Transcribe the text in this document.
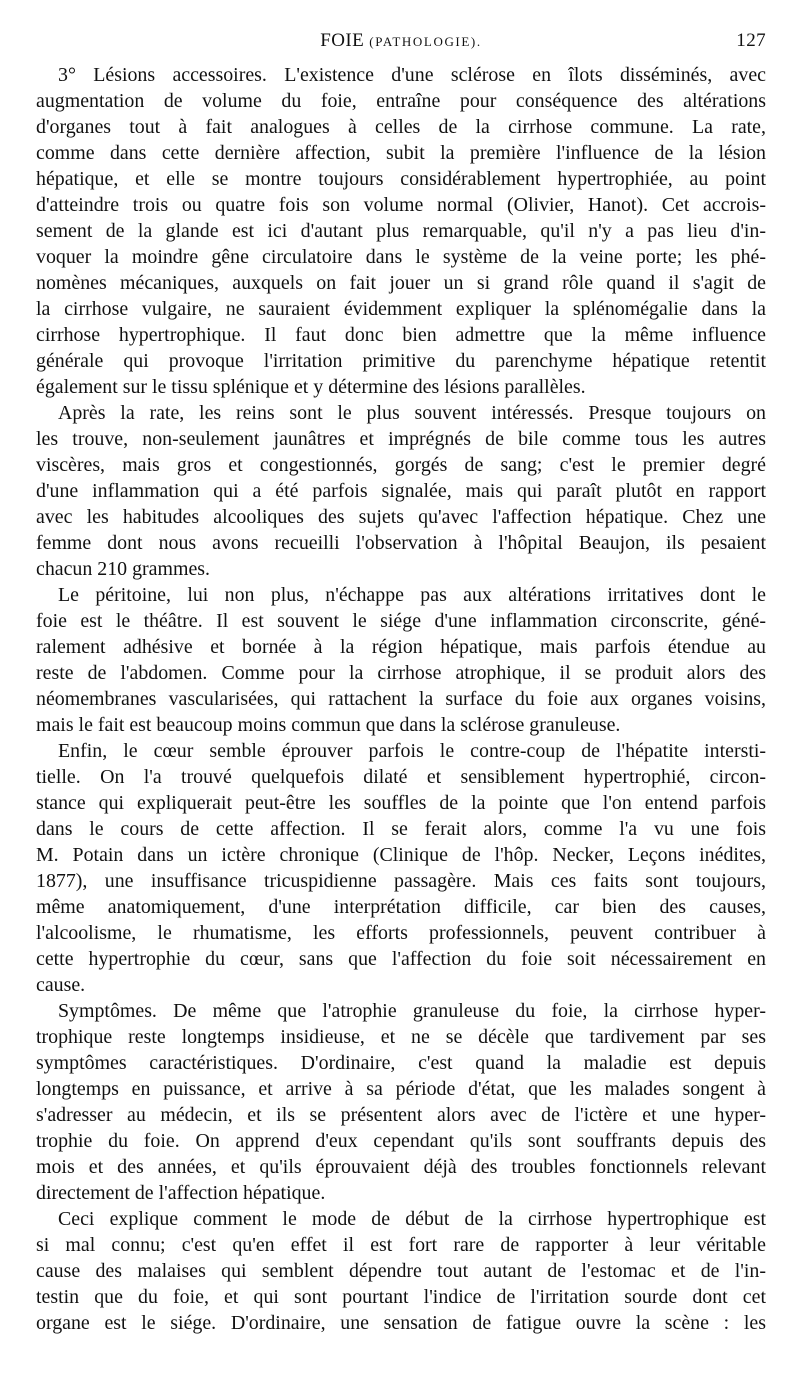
FOIE (PATHOLOGIE).	127

3° Lésions accessoires. L'existence d'une sclérose en îlots disséminés, avec
augmentation de volume du foie, entraîne pour conséquence des altérations
d'organes tout à fait analogues à celles de la cirrhose commune. La rate,
comme dans cette dernière affection, subit la première l'influence de la lésion
hépatique, et elle se montre toujours considérablement hypertrophiée, au point
d'atteindre trois ou quatre fois son volume normal (Olivier, Hanot). Cet accrois-
sement de la glande est ici d'autant plus remarquable, qu'il n'y a pas lieu d'in-
voquer la moindre gêne circulatoire dans le système de la veine porte; les phé-
nomènes mécaniques, auxquels on fait jouer un si grand rôle quand il s'agit de
la cirrhose vulgaire, ne sauraient évidemment expliquer la splénomégalie dans la
cirrhose hypertrophique. Il faut donc bien admettre que la même influence
générale qui provoque l'irritation primitive du parenchyme hépatique retentit
également sur le tissu splénique et y détermine des lésions parallèles.

Après la rate, les reins sont le plus souvent intéressés. Presque toujours on
les trouve, non-seulement jaunâtres et imprégnés de bile comme tous les autres
viscères, mais gros et congestionnés, gorgés de sang; c'est le premier degré
d'une inflammation qui a été parfois signalée, mais qui paraît plutôt en rapport
avec les habitudes alcooliques des sujets qu'avec l'affection hépatique. Chez une
femme dont nous avons recueilli l'observation à l'hôpital Beaujon, ils pesaient
chacun 210 grammes.

Le péritoine, lui non plus, n'échappe pas aux altérations irritatives dont le
foie est le théâtre. Il est souvent le siége d'une inflammation circonscrite, géné-
ralement adhésive et bornée à la région hépatique, mais parfois étendue au
reste de l'abdomen. Comme pour la cirrhose atrophique, il se produit alors des
néomembranes vascularisées, qui rattachent la surface du foie aux organes voisins,
mais le fait est beaucoup moins commun que dans la sclérose granuleuse.

Enfin, le cœur semble éprouver parfois le contre-coup de l'hépatite intersti-
tielle. On l'a trouvé quelquefois dilaté et sensiblement hypertrophié, circon-
stance qui expliquerait peut-être les souffles de la pointe que l'on entend parfois
dans le cours de cette affection. Il se ferait alors, comme l'a vu une fois
M. Potain dans un ictère chronique (Clinique de l'hôp. Necker, Leçons inédites,
1877), une insuffisance tricuspidienne passagère. Mais ces faits sont toujours,
même anatomiquement, d'une interprétation difficile, car bien des causes,
l'alcoolisme, le rhumatisme, les efforts professionnels, peuvent contribuer à
cette hypertrophie du cœur, sans que l'affection du foie soit nécessairement en
cause.

Symptômes. De même que l'atrophie granuleuse du foie, la cirrhose hyper-
trophique reste longtemps insidieuse, et ne se décèle que tardivement par ses
symptômes caractéristiques. D'ordinaire, c'est quand la maladie est depuis
longtemps en puissance, et arrive à sa période d'état, que les malades songent à
s'adresser au médecin, et ils se présentent alors avec de l'ictère et une hyper-
trophie du foie. On apprend d'eux cependant qu'ils sont souffrants depuis des
mois et des années, et qu'ils éprouvaient déjà des troubles fonctionnels relevant
directement de l'affection hépatique.

Ceci explique comment le mode de début de la cirrhose hypertrophique est
si mal connu; c'est qu'en effet il est fort rare de rapporter à leur véritable
cause des malaises qui semblent dépendre tout autant de l'estomac et de l'in-
testin que du foie, et qui sont pourtant l'indice de l'irritation sourde dont cet
organe est le siége. D'ordinaire, une sensation de fatigue ouvre la scène : les
